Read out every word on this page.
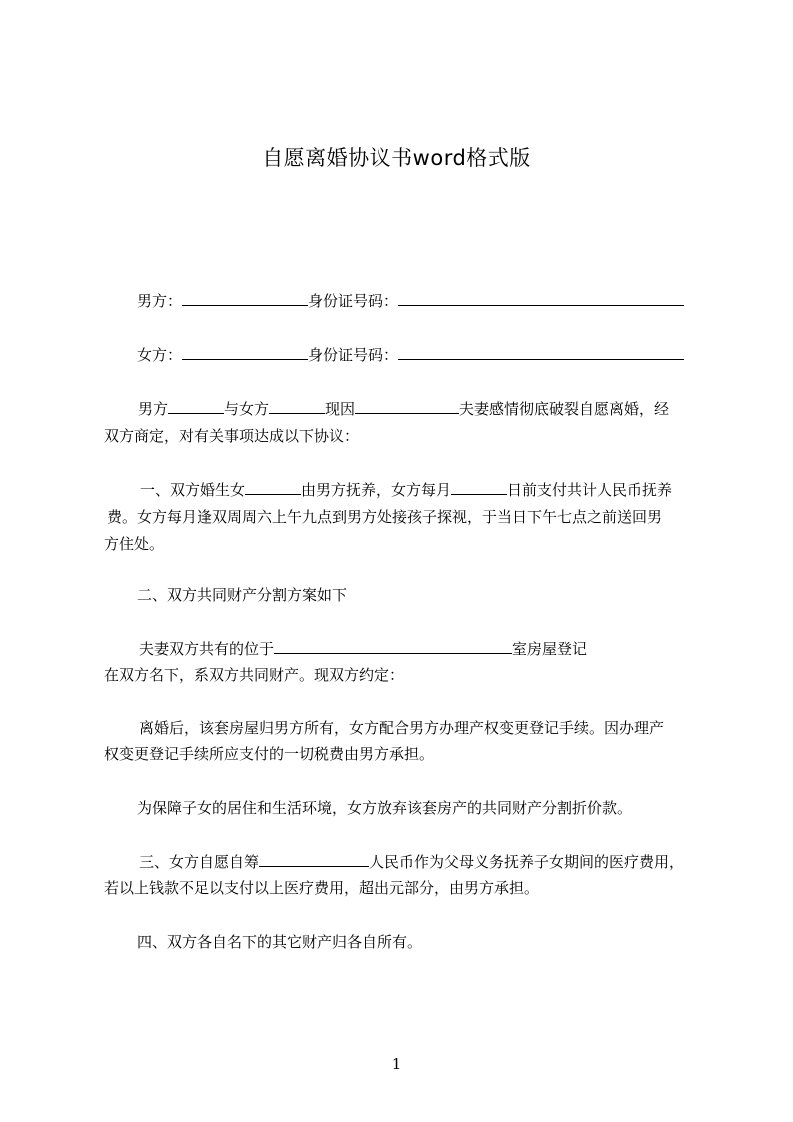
自愿离婚协议书word格式版
男方：	身份证号码：
女方：	身份证号码：
男方	与女方	现因	夫妻感情彻底破裂自愿离婚，经
双方商定，对有关事项达成以下协议：
一、双方婚生女	由男方抚养，女方每月	日前支付共计人民币抚养
费。女方每月逢双周周六上午九点到男方处接孩子探视，于当日下午七点之前送回男
方住处。
二、双方共同财产分割方案如下
夫妻双方共有的位于	室房屋登记
在双方名下，系双方共同财产。现双方约定：
离婚后，该套房屋归男方所有，女方配合男方办理产权变更登记手续。因办理产
权变更登记手续所应支付的一切税费由男方承担。
为保障子女的居住和生活环境，女方放弃该套房产的共同财产分割折价款。
三、女方自愿自筹	人民币作为父母义务抚养子女期间的医疗费用，
若以上钱款不足以支付以上医疗费用，超出元部分，由男方承担。
四、双方各自名下的其它财产归各自所有。
1
